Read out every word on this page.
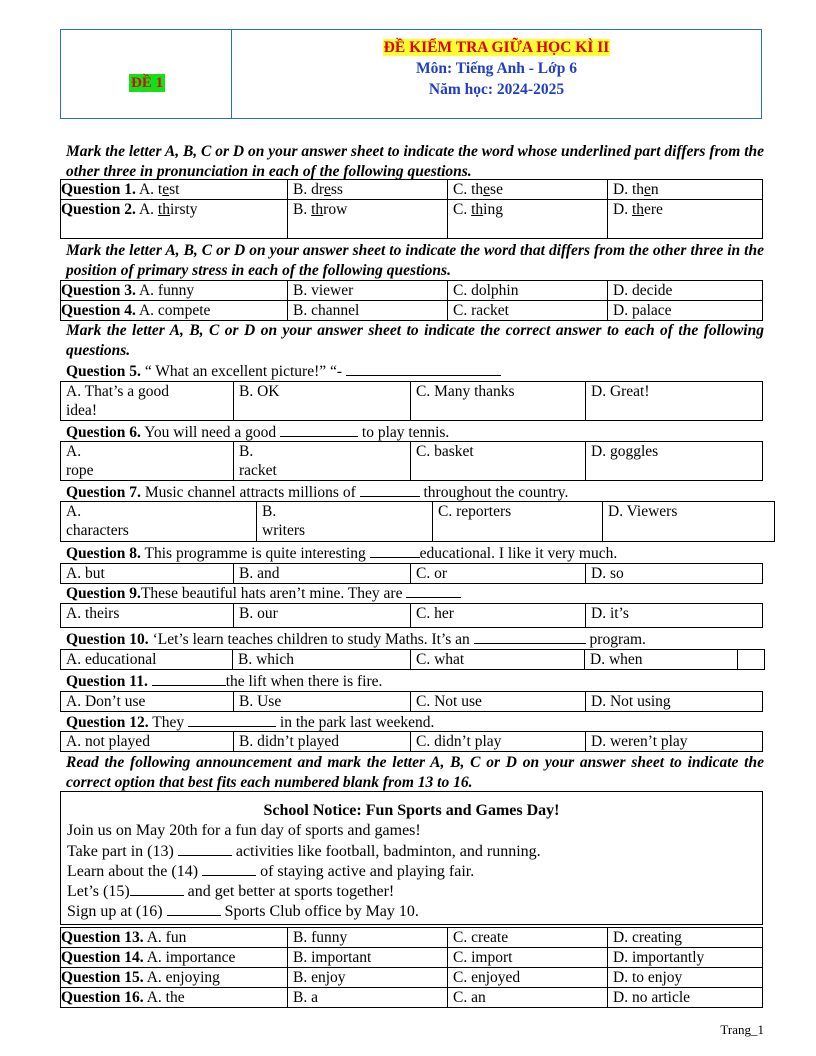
ĐỀ 1
ĐỀ KIỂM TRA GIỮA HỌC KÌ II
Môn: Tiếng Anh - Lớp 6
Năm học: 2024-2025
Mark the letter A, B, C or D on your answer sheet to indicate the word whose underlined part differs from the other three in pronunciation in each of the following questions.
Question 1. A. test	B. dress	C. these	D. then
Question 2. A. thirsty	B. throw	C. thing	D. there
Mark the letter A, B, C or D on your answer sheet to indicate the word that differs from the other three in the position of primary stress in each of the following questions.
Question 3. A. funny	B. viewer	C. dolphin	D. decide
Question 4. A. compete	B. channel	C. racket	D. palace
Mark the letter A, B, C or D on your answer sheet to indicate the correct answer to each of the following questions.
Question 5. “ What an excellent picture!” “-
A. That’s a good
idea!	B. OK	C. Many thanks	D. Great!
Question 6. You will need a good	to play tennis.
A.
rope	B.
racket	C. basket	D. goggles
Question 7. Music channel attracts millions of	throughout the country.
A.
characters	B.
writers	C. reporters	D. Viewers
Question 8. This programme is quite interesting	educational. I like it very much.
A. but	B. and	C. or	D. so
Question 9.These beautiful hats aren’t mine. They are
A. theirs	B. our	C. her	D. it’s
Question 10. ‘Let’s learn teaches children to study Maths. It’s an	program.
A. educational	B. which	C. what	D. when	
Question 11.	the lift when there is fire.
A. Don’t use	B. Use	C. Not use	D. Not using
Question 12. They	in the park last weekend.
A. not played	B. didn’t played	C. didn’t play	D. weren’t play
Read the following announcement and mark the letter A, B, C or D on your answer sheet to indicate the correct option that best fits each numbered blank from 13 to 16.
School Notice: Fun Sports and Games Day!
Join us on May 20th for a fun day of sports and games!
Take part in (13)	activities like football, badminton, and running.
Learn about the (14)	of staying active and playing fair.
Let’s (15)	and get better at sports together!
Sign up at (16)	Sports Club office by May 10.
Question 13. A. fun	B. funny	C. create	D. creating
Question 14. A. importance	B. important	C. import	D. importantly
Question 15. A. enjoying	B. enjoy	C. enjoyed	D. to enjoy
Question 16. A. the	B. a	C. an	D. no article
Trang_1
